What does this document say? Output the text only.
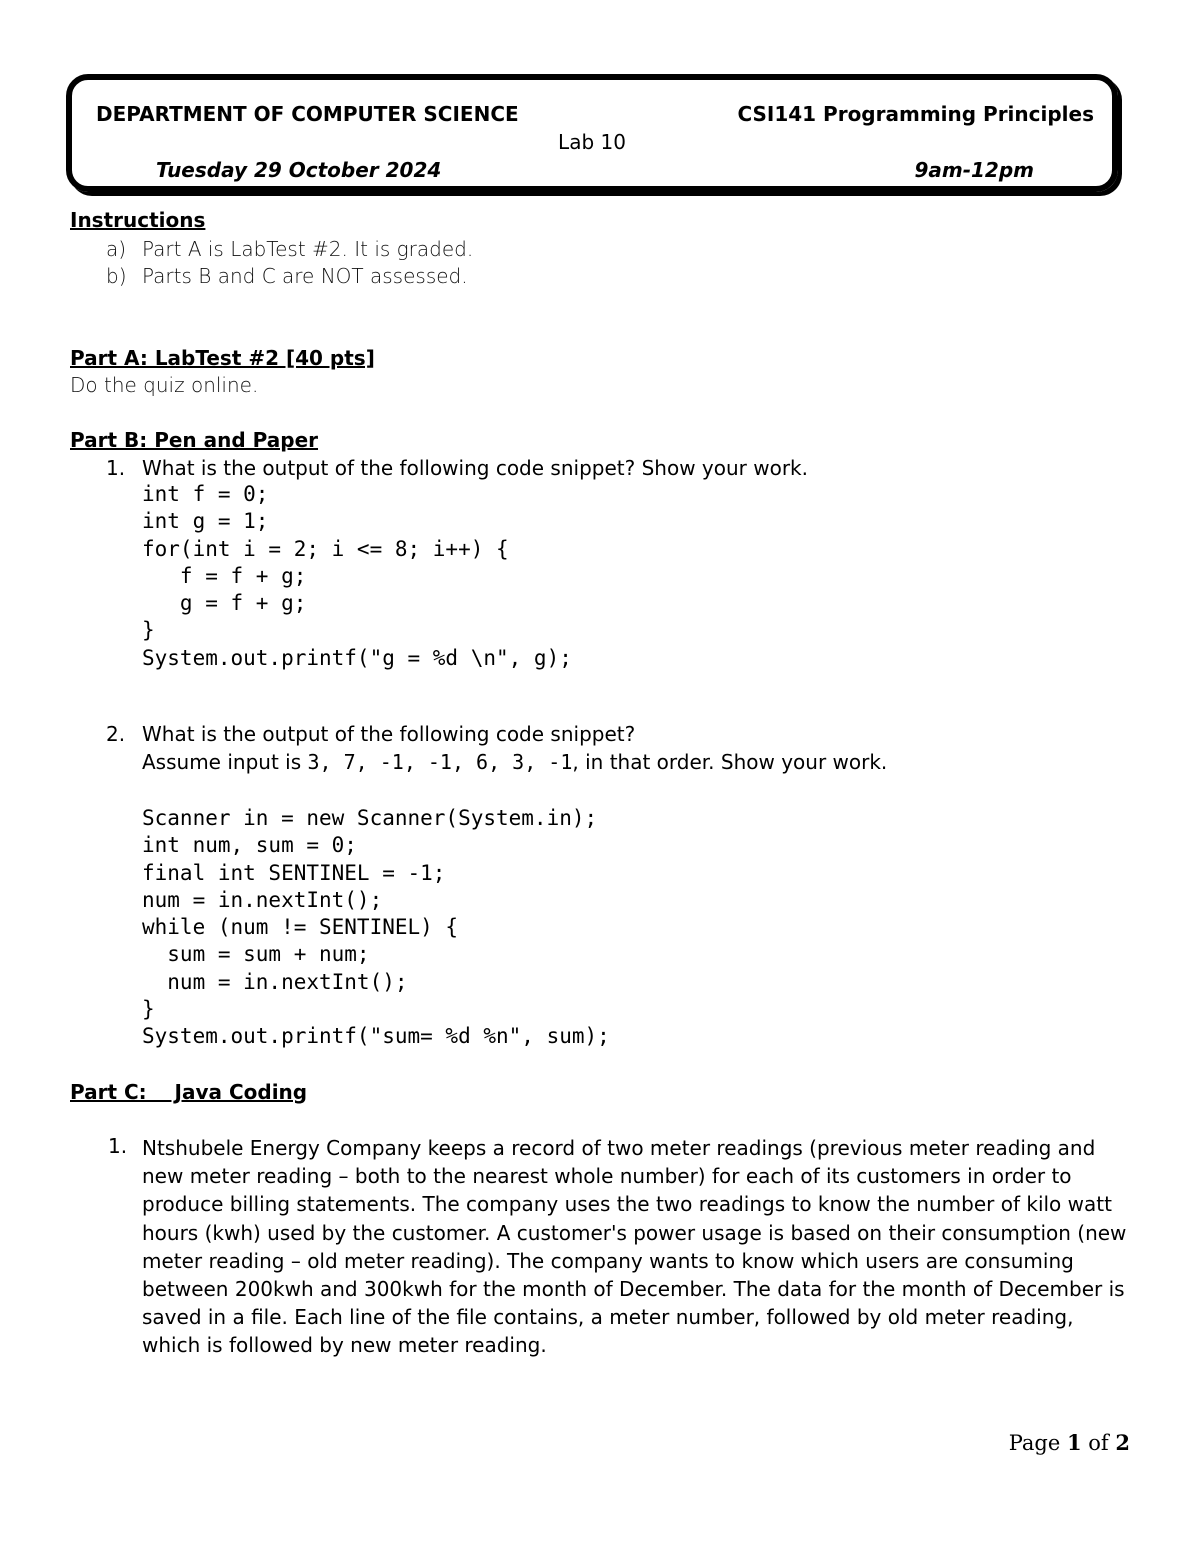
DEPARTMENT OF COMPUTER SCIENCE	CSI141 Programming Principles
Lab 10
Tuesday 29 October 2024	9am-12pm
Instructions
a) Part A is LabTest #2. It is graded.
b) Parts B and C are NOT assessed.
Part A: LabTest #2 [40 pts]
Do the quiz online.
Part B: Pen and Paper
1. What is the output of the following code snippet? Show your work.
int f = 0;
int g = 1;
for(int i = 2; i <= 8; i++) {
f = f + g;
g = f + g;
}
System.out.printf("g = %d \n", g);
2. What is the output of the following code snippet?
Assume input is 3, 7, -1, -1, 6, 3, -1, in that order. Show your work.
Scanner in = new Scanner(System.in);
int num, sum = 0;
final int SENTINEL = -1;
num = in.nextInt();
while (num != SENTINEL) {
sum = sum + num;
num = in.nextInt();
}
System.out.printf("sum= %d %n", sum);
Part C:    Java Coding
1. Ntshubele Energy Company keeps a record of two meter readings (previous meter reading and new meter reading – both to the nearest whole number) for each of its customers in order to produce billing statements. The company uses the two readings to know the number of kilo watt hours (kwh) used by the customer. A customer's power usage is based on their consumption (new meter reading – old meter reading). The company wants to know which users are consuming between 200kwh and 300kwh for the month of December. The data for the month of December is saved in a file. Each line of the file contains, a meter number, followed by old meter reading, which is followed by new meter reading.
Page 1 of 2
